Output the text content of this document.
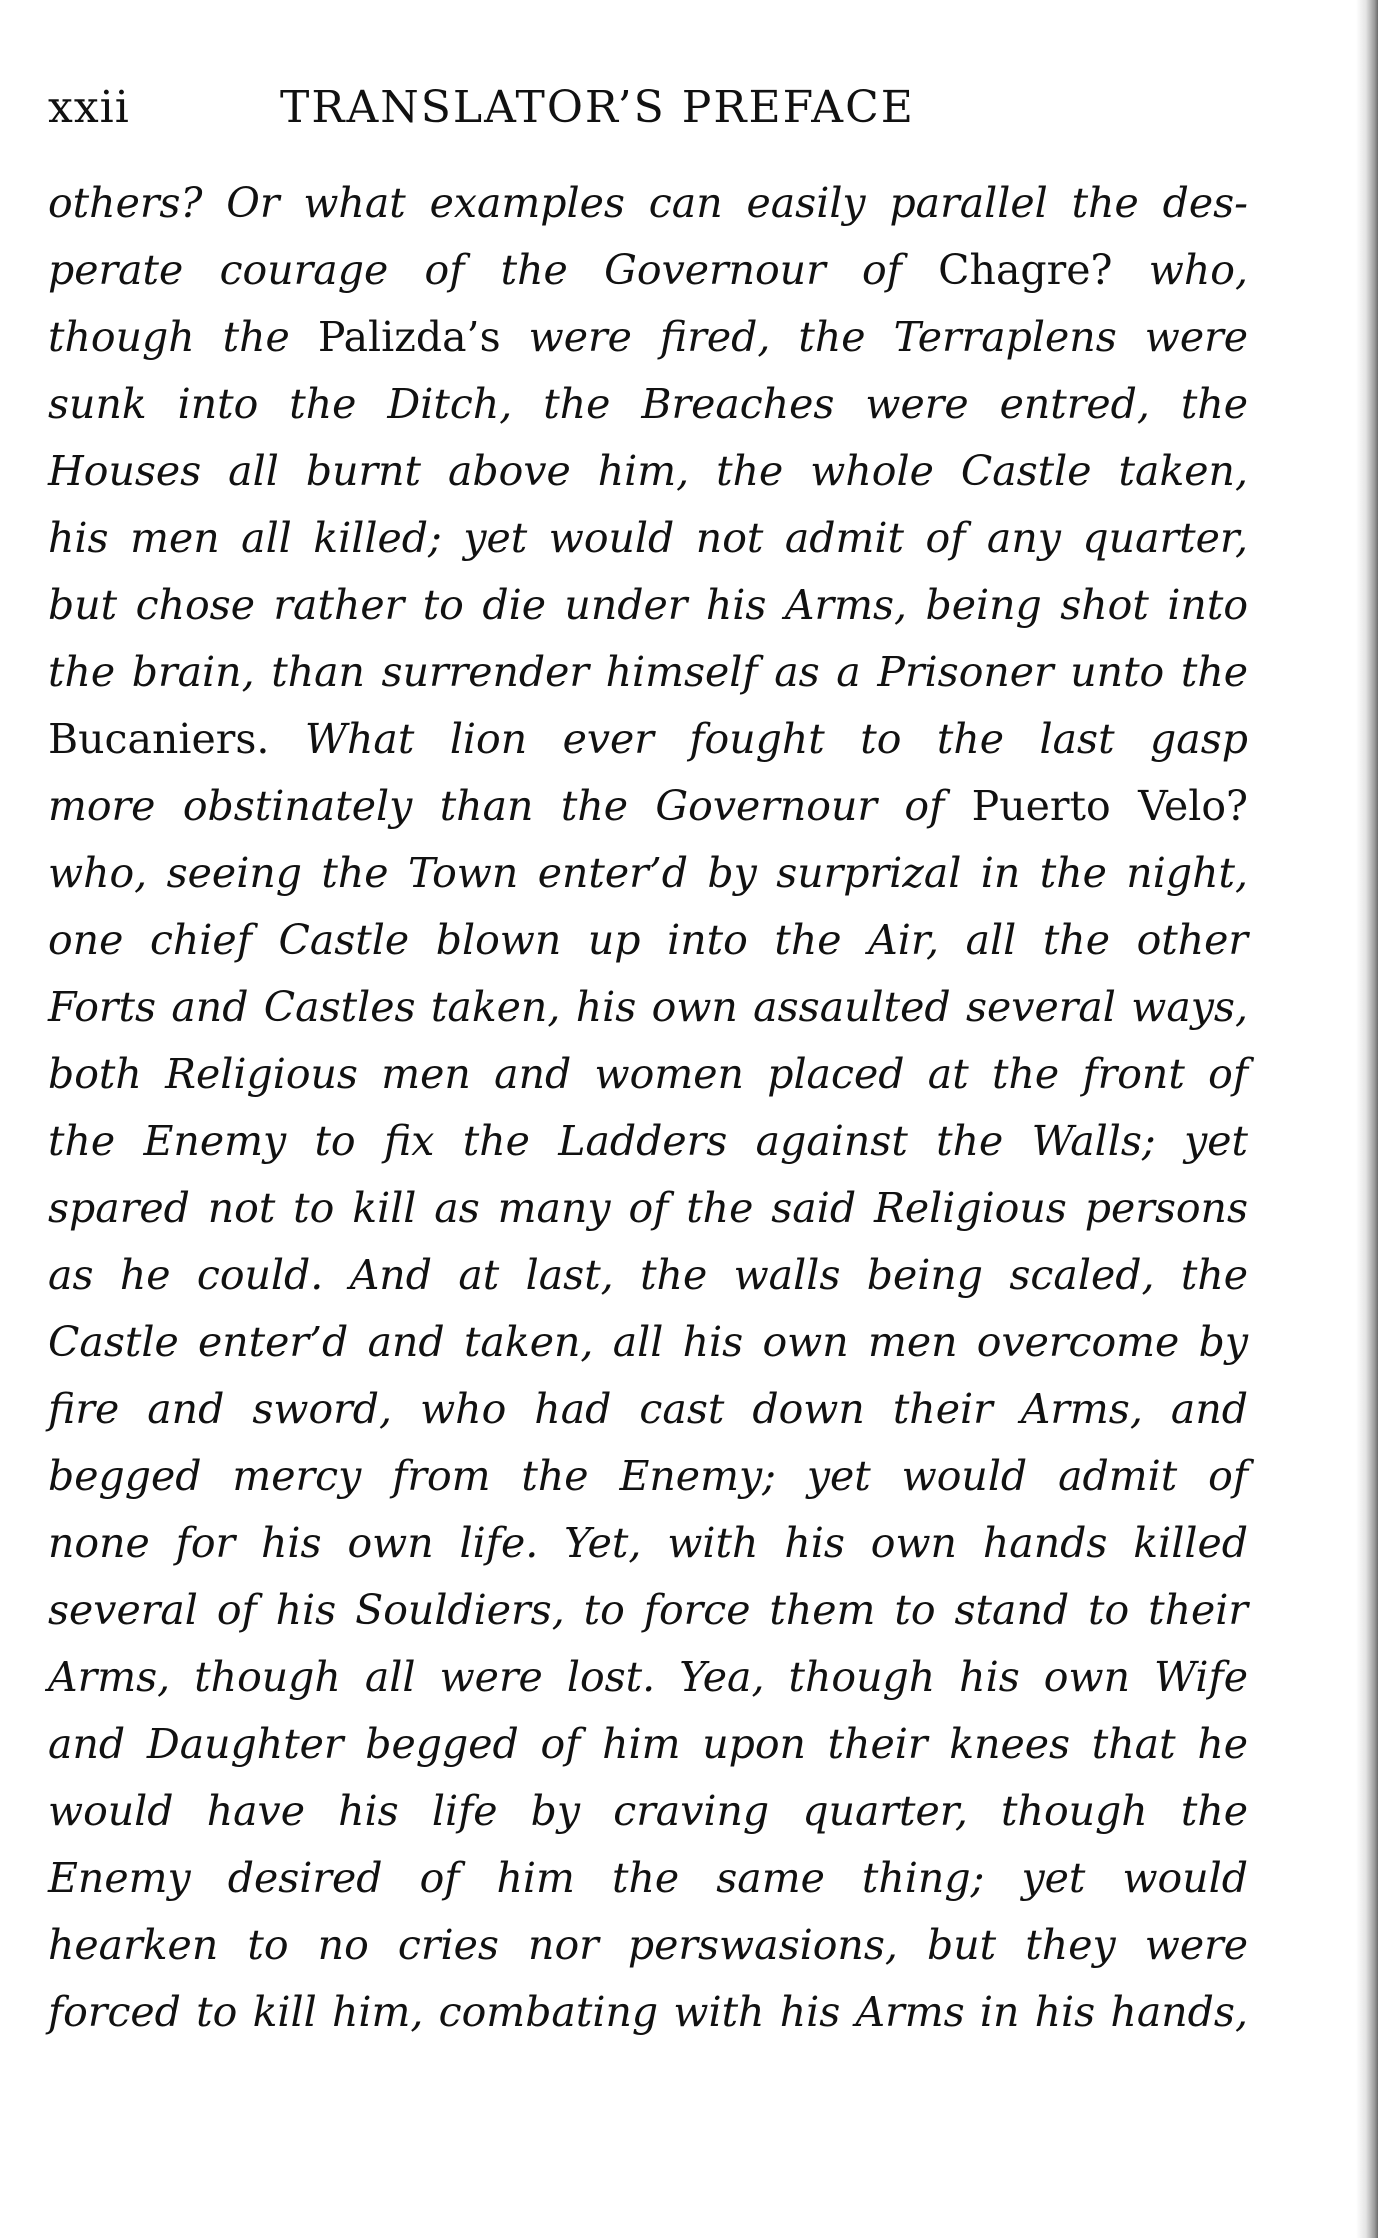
xxii	TRANSLATOR’S PREFACE
others? Or what examples can easily parallel the des-
perate courage of the Governour of Chagre? who,
though the Palizda’s were fired, the Terraplens were
sunk into the Ditch, the Breaches were entred, the
Houses all burnt above him, the whole Castle taken,
his men all killed; yet would not admit of any quarter,
but chose rather to die under his Arms, being shot into
the brain, than surrender himself as a Prisoner unto the
Bucaniers. What lion ever fought to the last gasp
more obstinately than the Governour of Puerto Velo?
who, seeing the Town enter’d by surprizal in the night,
one chief Castle blown up into the Air, all the other
Forts and Castles taken, his own assaulted several ways,
both Religious men and women placed at the front of
the Enemy to fix the Ladders against the Walls; yet
spared not to kill as many of the said Religious persons
as he could. And at last, the walls being scaled, the
Castle enter’d and taken, all his own men overcome by
fire and sword, who had cast down their Arms, and
begged mercy from the Enemy; yet would admit of
none for his own life. Yet, with his own hands killed
several of his Souldiers, to force them to stand to their
Arms, though all were lost. Yea, though his own Wife
and Daughter begged of him upon their knees that he
would have his life by craving quarter, though the
Enemy desired of him the same thing; yet would
hearken to no cries nor perswasions, but they were
forced to kill him, combating with his Arms in his hands,
